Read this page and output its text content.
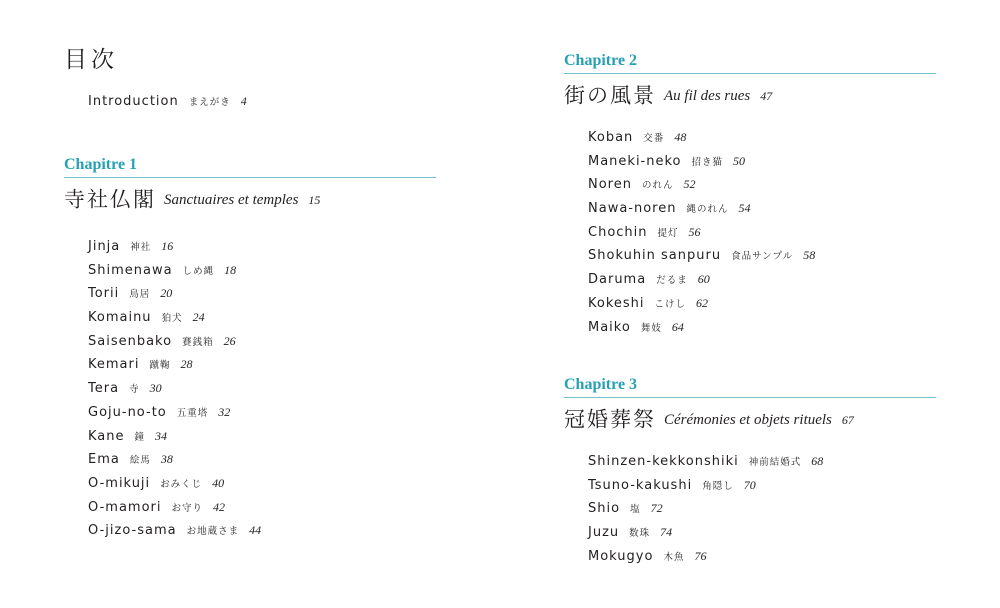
目次
Introduction まえがき 4
Chapitre 1
寺社仏閣 Sanctuaires et temples 15
Jinja 神社 16
Shimenawa しめ縄 18
Torii 鳥居 20
Komainu 狛犬 24
Saisenbako 賽銭箱 26
Kemari 蹴鞠 28
Tera 寺 30
Goju-no-to 五重塔 32
Kane 鐘 34
Ema 絵馬 38
O-mikuji おみくじ 40
O-mamori お守り 42
O-jizo-sama お地蔵さま 44
Chapitre 2
街の風景 Au fil des rues 47
Koban 交番 48
Maneki-neko 招き猫 50
Noren のれん 52
Nawa-noren 縄のれん 54
Chochin 提灯 56
Shokuhin sanpuru 食品サンプル 58
Daruma だるま 60
Kokeshi こけし 62
Maiko 舞妓 64
Chapitre 3
冠婚葬祭 Cérémonies et objets rituels 67
Shinzen-kekkonshiki 神前結婚式 68
Tsuno-kakushi 角隠し 70
Shio 塩 72
Juzu 数珠 74
Mokugyo 木魚 76
